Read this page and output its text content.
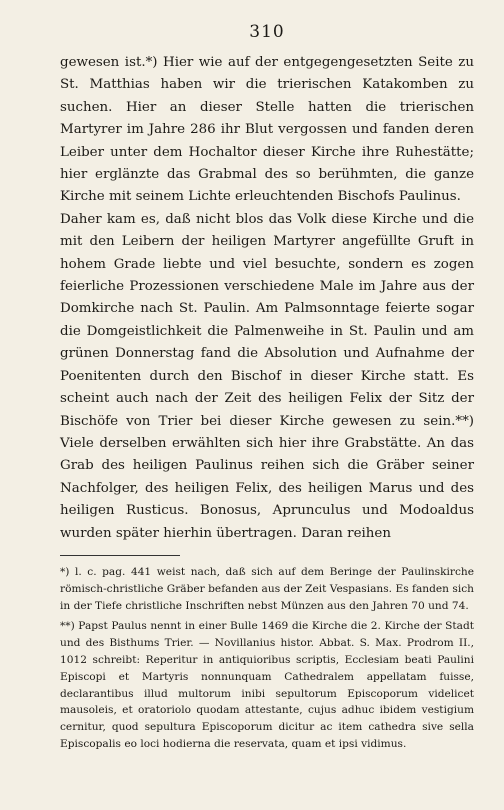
310

gewesen ist.*) Hier wie auf der entgegengesetzten Seite zu St. Matthias haben wir die trierischen Katakomben zu suchen. Hier an dieser Stelle hatten die trierischen Martyrer im Jahre 286 ihr Blut vergossen und fanden deren Leiber unter dem Hochaltor dieser Kirche ihre Ruhestätte; hier erglänzte das Grabmal des so berühmten, die ganze Kirche mit seinem Lichte erleuchtenden Bischofs Paulinus.

Daher kam es, daß nicht blos das Volk diese Kirche und die mit den Leibern der heiligen Martyrer angefüllte Gruft in hohem Grade liebte und viel besuchte, sondern es zogen feierliche Prozessionen verschiedene Male im Jahre aus der Domkirche nach St. Paulin. Am Palmsonntage feierte sogar die Domgeistlichkeit die Palmenweihe in St. Paulin und am grünen Donnerstag fand die Absolution und Aufnahme der Poenitenten durch den Bischof in dieser Kirche statt. Es scheint auch nach der Zeit des heiligen Felix der Sitz der Bischöfe von Trier bei dieser Kirche gewesen zu sein.**) Viele derselben erwählten sich hier ihre Grabstätte. An das Grab des heiligen Paulinus reihen sich die Gräber seiner Nachfolger, des heiligen Felix, des heiligen Marus und des heiligen Rusticus. Bonosus, Aprunculus und Modoaldus wurden später hierhin übertragen. Daran reihen

*) l. c. pag. 441 weist nach, daß sich auf dem Beringe der Paulinskirche römisch-christliche Gräber befanden aus der Zeit Vespasians. Es fanden sich in der Tiefe christliche Inschriften nebst Münzen aus den Jahren 70 und 74.

**) Papst Paulus nennt in einer Bulle 1469 die Kirche die 2. Kirche der Stadt und des Bisthums Trier. — Novillanius histor. Abbat. S. Max. Prodrom II., 1012 schreibt: Reperitur in antiquioribus scriptis, Ecclesiam beati Paulini Episcopi et Martyris nonnunquam Cathedralem appellatam fuisse, declarantibus illud multorum inibi sepultorum Episcoporum videlicet mausoleis, et oratoriolo quodam attestante, cujus adhuc ibidem vestigium cernitur, quod sepultura Episcoporum dicitur ac item cathedra sive sella Episcopalis eo loci hodierna die reservata, quam et ipsi vidimus.
